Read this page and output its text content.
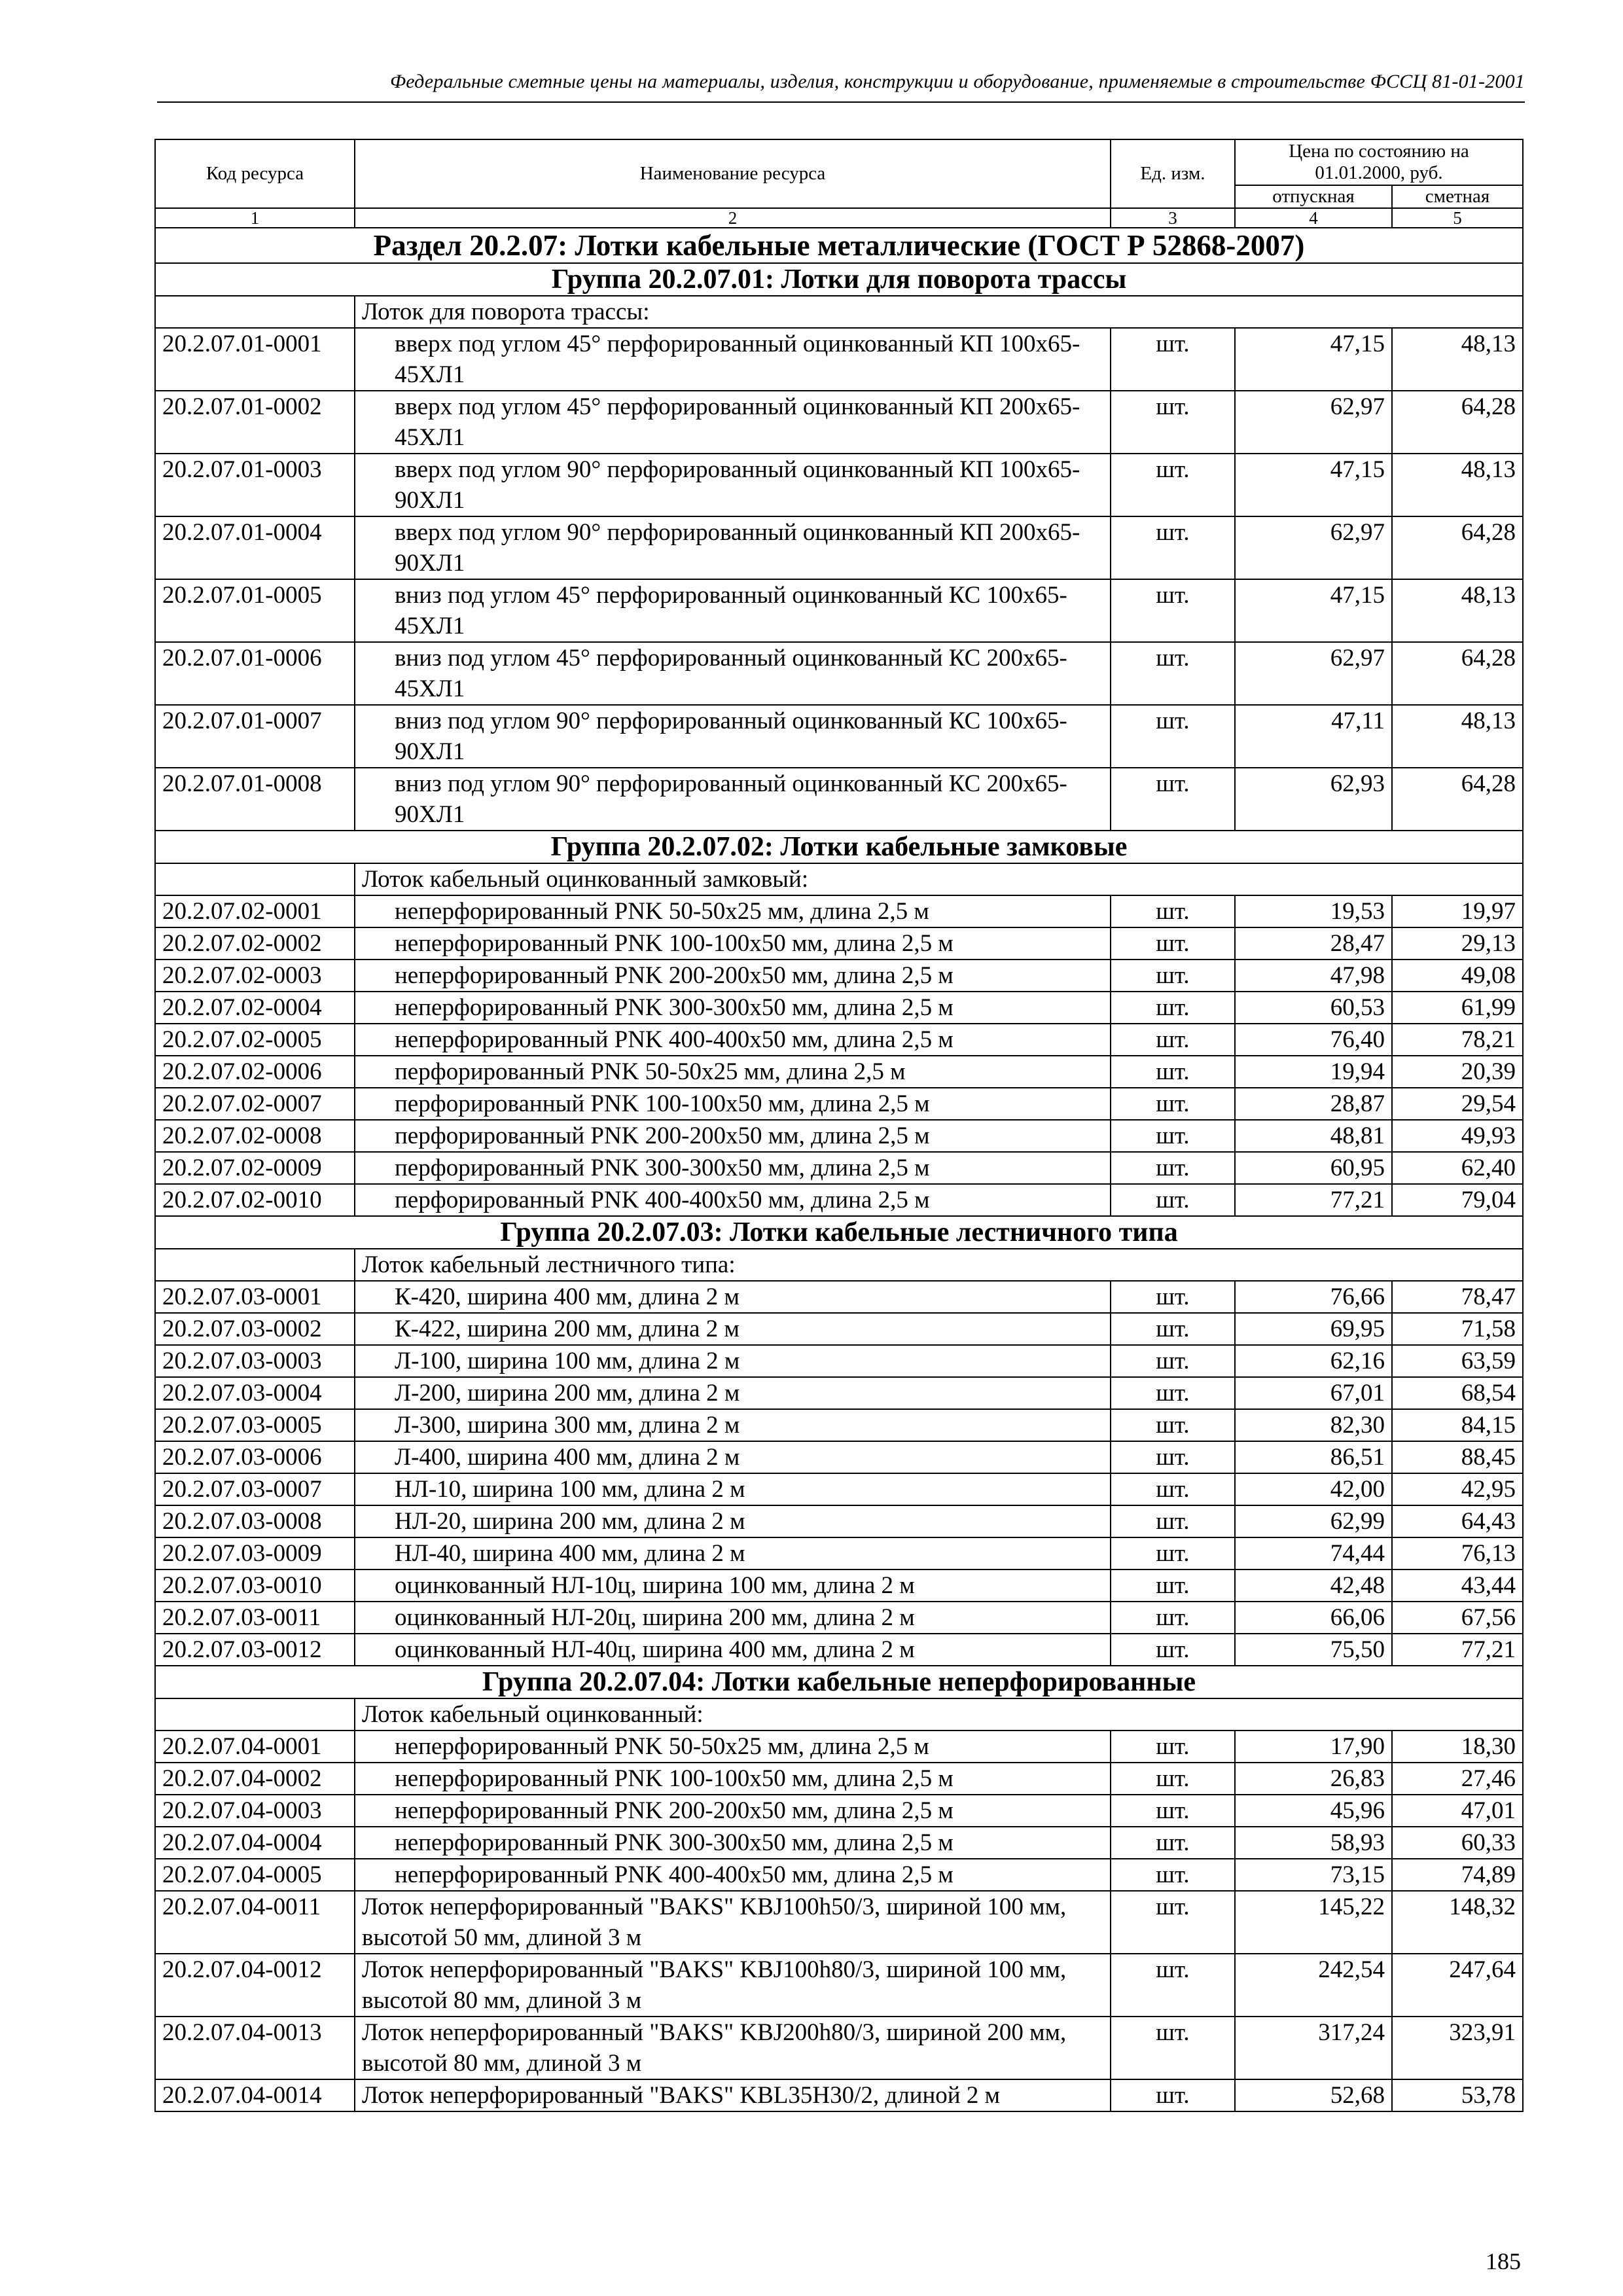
Федеральные сметные цены на материалы, изделия, конструкции и оборудование, применяемые в строительстве ФССЦ 81-01-2001
Код ресурса	Наименование ресурса	Ед. изм.	Цена по состоянию на 01.01.2000, руб.	
			отпускная	сметная
1	2	3	4	5
Раздел 20.2.07: Лотки кабельные металлические (ГОСТ Р 52868-2007)				
Группа 20.2.07.01: Лотки для поворота трассы				
	Лоток для поворота трассы:			
20.2.07.01-0001	вверх под углом 45° перфорированный оцинкованный КП 100х65-45ХЛ1	шт.	47,15	48,13
20.2.07.01-0002	вверх под углом 45° перфорированный оцинкованный КП 200х65-45ХЛ1	шт.	62,97	64,28
20.2.07.01-0003	вверх под углом 90° перфорированный оцинкованный КП 100х65-90ХЛ1	шт.	47,15	48,13
20.2.07.01-0004	вверх под углом 90° перфорированный оцинкованный КП 200х65-90ХЛ1	шт.	62,97	64,28
20.2.07.01-0005	вниз под углом 45° перфорированный оцинкованный КС 100х65-45ХЛ1	шт.	47,15	48,13
20.2.07.01-0006	вниз под углом 45° перфорированный оцинкованный КС 200х65-45ХЛ1	шт.	62,97	64,28
20.2.07.01-0007	вниз под углом 90° перфорированный оцинкованный КС 100х65-90ХЛ1	шт.	47,11	48,13
20.2.07.01-0008	вниз под углом 90° перфорированный оцинкованный КС 200х65-90ХЛ1	шт.	62,93	64,28
Группа 20.2.07.02: Лотки кабельные замковые				
	Лоток кабельный оцинкованный замковый:			
20.2.07.02-0001	неперфорированный PNK 50-50х25 мм, длина 2,5 м	шт.	19,53	19,97
20.2.07.02-0002	неперфорированный PNK 100-100х50 мм, длина 2,5 м	шт.	28,47	29,13
20.2.07.02-0003	неперфорированный PNK 200-200х50 мм, длина 2,5 м	шт.	47,98	49,08
20.2.07.02-0004	неперфорированный PNK 300-300х50 мм, длина 2,5 м	шт.	60,53	61,99
20.2.07.02-0005	неперфорированный PNK 400-400х50 мм, длина 2,5 м	шт.	76,40	78,21
20.2.07.02-0006	перфорированный PNK 50-50х25 мм, длина 2,5 м	шт.	19,94	20,39
20.2.07.02-0007	перфорированный PNK 100-100х50 мм, длина 2,5 м	шт.	28,87	29,54
20.2.07.02-0008	перфорированный PNK 200-200х50 мм, длина 2,5 м	шт.	48,81	49,93
20.2.07.02-0009	перфорированный PNK 300-300х50 мм, длина 2,5 м	шт.	60,95	62,40
20.2.07.02-0010	перфорированный PNK 400-400х50 мм, длина 2,5 м	шт.	77,21	79,04
Группа 20.2.07.03: Лотки кабельные лестничного типа				
	Лоток кабельный лестничного типа:			
20.2.07.03-0001	К-420, ширина 400 мм, длина 2 м	шт.	76,66	78,47
20.2.07.03-0002	К-422, ширина 200 мм, длина 2 м	шт.	69,95	71,58
20.2.07.03-0003	Л-100, ширина 100 мм, длина 2 м	шт.	62,16	63,59
20.2.07.03-0004	Л-200, ширина 200 мм, длина 2 м	шт.	67,01	68,54
20.2.07.03-0005	Л-300, ширина 300 мм, длина 2 м	шт.	82,30	84,15
20.2.07.03-0006	Л-400, ширина 400 мм, длина 2 м	шт.	86,51	88,45
20.2.07.03-0007	НЛ-10, ширина 100 мм, длина 2 м	шт.	42,00	42,95
20.2.07.03-0008	НЛ-20, ширина 200 мм, длина 2 м	шт.	62,99	64,43
20.2.07.03-0009	НЛ-40, ширина 400 мм, длина 2 м	шт.	74,44	76,13
20.2.07.03-0010	оцинкованный НЛ-10ц, ширина 100 мм, длина 2 м	шт.	42,48	43,44
20.2.07.03-0011	оцинкованный НЛ-20ц, ширина 200 мм, длина 2 м	шт.	66,06	67,56
20.2.07.03-0012	оцинкованный НЛ-40ц, ширина 400 мм, длина 2 м	шт.	75,50	77,21
Группа 20.2.07.04: Лотки кабельные неперфорированные				
	Лоток кабельный оцинкованный:			
20.2.07.04-0001	неперфорированный PNK 50-50х25 мм, длина 2,5 м	шт.	17,90	18,30
20.2.07.04-0002	неперфорированный PNK 100-100х50 мм, длина 2,5 м	шт.	26,83	27,46
20.2.07.04-0003	неперфорированный PNK 200-200х50 мм, длина 2,5 м	шт.	45,96	47,01
20.2.07.04-0004	неперфорированный PNK 300-300х50 мм, длина 2,5 м	шт.	58,93	60,33
20.2.07.04-0005	неперфорированный PNK 400-400х50 мм, длина 2,5 м	шт.	73,15	74,89
20.2.07.04-0011	Лоток неперфорированный "BAKS" KBJ100h50/3, шириной 100 мм, высотой 50 мм, длиной 3 м	шт.	145,22	148,32
20.2.07.04-0012	Лоток неперфорированный "BAKS" KBJ100h80/3, шириной 100 мм, высотой 80 мм, длиной 3 м	шт.	242,54	247,64
20.2.07.04-0013	Лоток неперфорированный "BAKS" KBJ200h80/3, шириной 200 мм, высотой 80 мм, длиной 3 м	шт.	317,24	323,91
20.2.07.04-0014	Лоток неперфорированный "BAKS" KBL35H30/2, длиной 2 м	шт.	52,68	53,78
185
